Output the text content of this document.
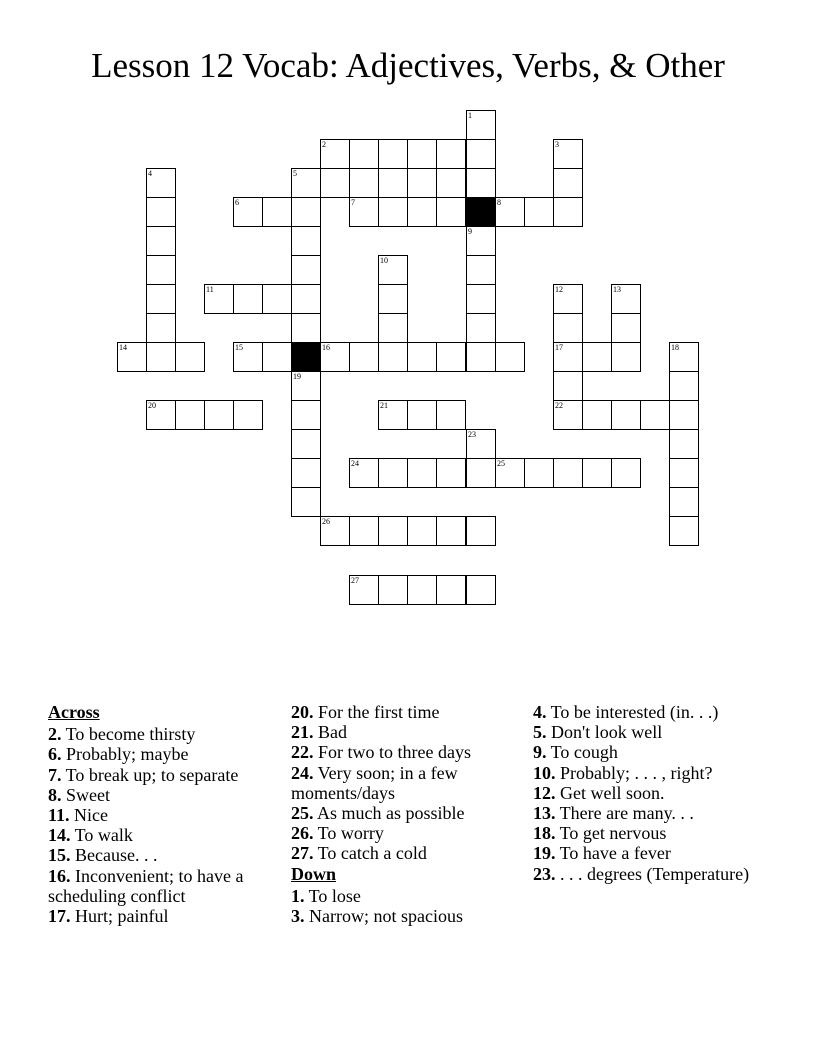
Lesson 12 Vocab: Adjectives, Verbs, & Other
1
2	3
4	5
6	7	8
9
10
11	12	13
14	15	16	17	18
19
20	21	22
23
24	25
26
27
Across
2. To become thirsty
6. Probably; maybe
7. To break up; to separate
8. Sweet
11. Nice
14. To walk
15. Because. . .
16. Inconvenient; to have a scheduling conflict
17. Hurt; painful
20. For the first time
21. Bad
22. For two to three days
24. Very soon; in a few moments/days
25. As much as possible
26. To worry
27. To catch a cold
Down
1. To lose
3. Narrow; not spacious
4. To be interested (in. . .)
5. Don't look well
9. To cough
10. Probably; . . . , right?
12. Get well soon.
13. There are many. . .
18. To get nervous
19. To have a fever
23. . . . degrees (Temperature)
